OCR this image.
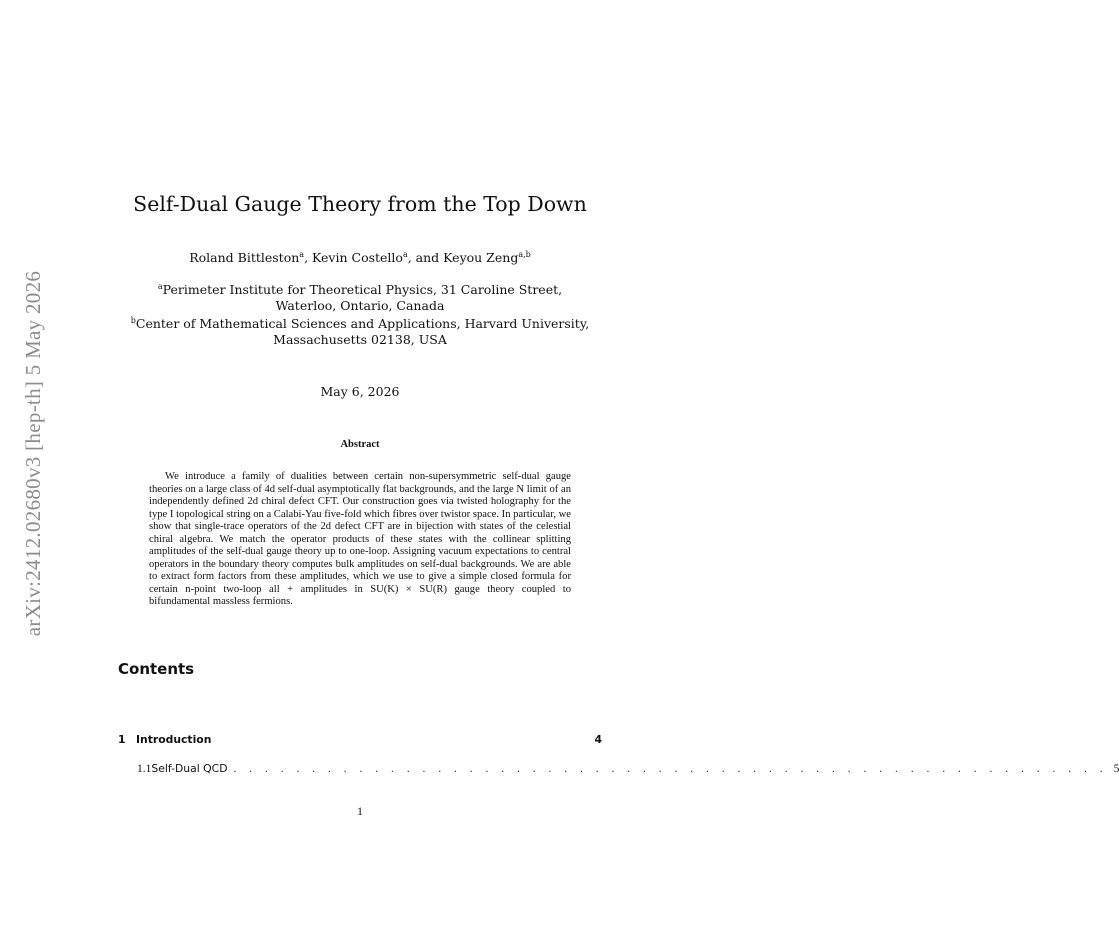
arXiv:2412.02680v3 [hep-th] 5 May 2026
Self-Dual Gauge Theory from the Top Down
Roland Bittleston$^a$, Kevin Costello$^a$, and Keyou Zeng$^{a,b}$
$^a$Perimeter Institute for Theoretical Physics, 31 Caroline Street, Waterloo, Ontario, Canada
$^b$Center of Mathematical Sciences and Applications, Harvard University, Massachusetts 02138, USA
May 6, 2026
Abstract
We introduce a family of dualities between certain non-supersymmetric self-dual gauge theories on a large class of 4d self-dual asymptotically flat backgrounds, and the large N limit of an independently defined 2d chiral defect CFT. Our construction goes via twisted holography for the type I topological string on a Calabi-Yau five-fold which fibres over twistor space. In particular, we show that single-trace operators of the 2d defect CFT are in bijection with states of the celestial chiral algebra. We match the operator products of these states with the collinear splitting amplitudes of the self-dual gauge theory up to one-loop. Assigning vacuum expectations to central operators in the boundary theory computes bulk amplitudes on self-dual backgrounds. We are able to extract form factors from these amplitudes, which we use to give a simple closed formula for certain n-point two-loop all + amplitudes in SU(K) × SU(R) gauge theory coupled to bifundamental massless fermions.
Contents
1 Introduction	4
1.1 Self-Dual QCD . . . . . . . . . . . . . . . . . . . . . . . . . . . . . . . . . . . . . . . . . . . . . . . . . . . . . . . . 5
1
